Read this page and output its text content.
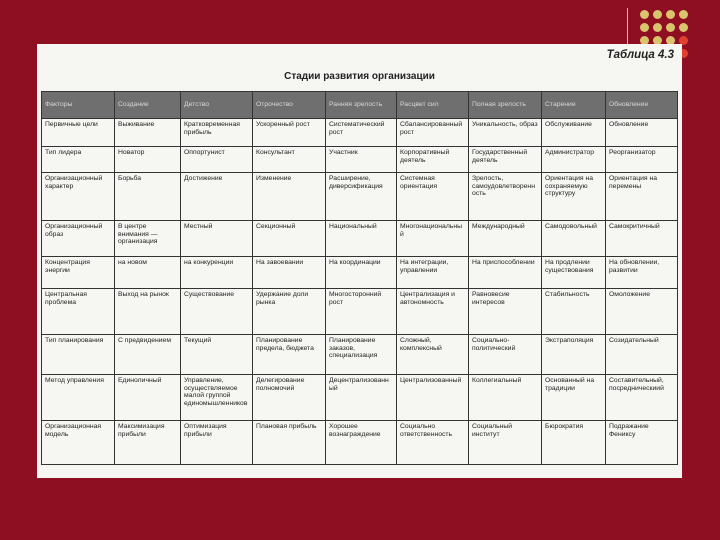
Таблица 4.3
Стадии развития организации
Факторы	Создание	Детство	Отрочество	Ранняя зрелость	Расцвет сил	Полная зрелость	Старение	Обновление
Первичные цели	Выживание	Кратковременная прибыль	Ускоренный рост	Систематический рост	Сбалансированный рост	Уникальность, образ	Обслуживание	Обновление
Тип лидера	Новатор	Оппортунист	Консультант	Участник	Корпоративный деятель	Государственный деятель	Администратор	Реорганизатор
Организационный характер	Борьба	Достижение	Изменение	Расширение, диверсификация	Системная ориентация	Зрелость, самоудовлетворенность	Ориентация на сохраняемую структуру	Ориентация на перемены
Организационный образ	В центре внимания — организация	Местный	Секционный	Национальный	Многонациональный	Международный	Самодовольный	Самокритичный
Концентрация энергии	на новом	на конкуренции	На завоевании	На координации	На интеграции, управлении	На приспособлении	На продлении существования	На обновлении, развитии
Центральная проблема	Выход на рынок	Существование	Удержание доли рынка	Многосторонний рост	Централизация и автономность	Равновесие интересов	Стабильность	Омоложение
Тип планирования	С предвидением	Текущий	Планирование предела, бюджета	Планирование заказов, специализация	Сложный, комплексный	Социально-политический	Экстраполяция	Созидательный
Метод управления	Единоличный	Управление, осуществляемое малой группой единомышленников	Делегирование полномочий	Децентрализованный	Централизованный	Коллегиальный	Основанный на традиции	Составительный, посредническиий
Организационная модель	Максимизация прибыли	Оптимизация прибыли	Плановая прибыль	Хорошее вознаграждение	Социально ответственность	Социальный институт	Бюрократия	Подражание Фениксу
